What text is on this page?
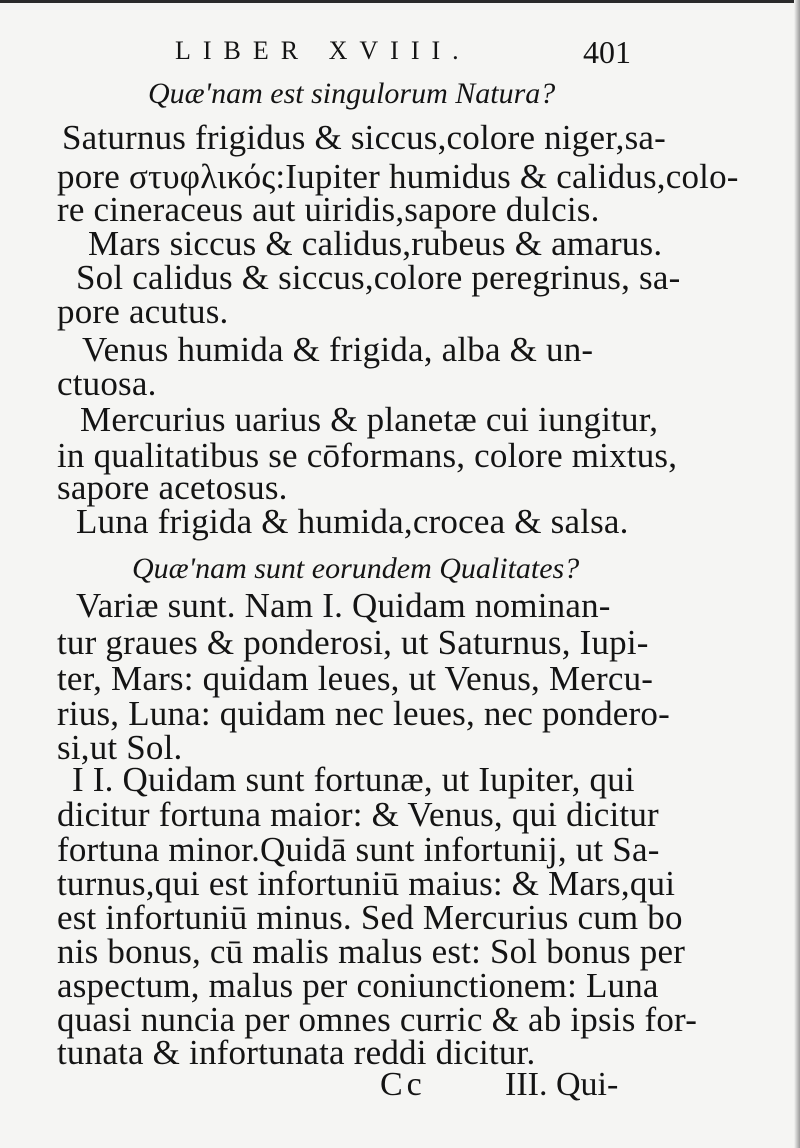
LIBER XVIII.	401
Quæ'nam est singulorum Natura?
Saturnus frigidus & siccus,colore niger,sa-
pore στυφλικός:Iupiter humidus & calidus,colo-
re cineraceus aut uiridis,sapore dulcis.
Mars siccus & calidus,rubeus & amarus.
Sol calidus & siccus,colore peregrinus, sa-
pore acutus.
Venus humida & frigida, alba & un-
ctuosa.
Mercurius uarius & planetæ cui iungitur,
in qualitatibus se cōformans, colore mixtus,
sapore acetosus.
Luna frigida & humida,crocea & salsa.
Quæ'nam sunt eorundem Qualitates?
Variæ sunt. Nam I. Quidam nominan-
tur graues & ponderosi, ut Saturnus, Iupi-
ter, Mars: quidam leues, ut Venus, Mercu-
rius, Luna: quidam nec leues, nec pondero-
si,ut Sol.
I I. Quidam sunt fortunæ, ut Iupiter, qui
dicitur fortuna maior: & Venus, qui dicitur
fortuna minor.Quidā sunt infortunij, ut Sa-
turnus,qui est infortuniū maius: & Mars,qui
est infortuniū minus. Sed Mercurius cum bo
nis bonus, cū malis malus est: Sol bonus per
aspectum, malus per coniunctionem: Luna
quasi nuncia per omnes curric & ab ipsis for-
tunata & infortunata reddi dicitur.
Cc III. Qui-
